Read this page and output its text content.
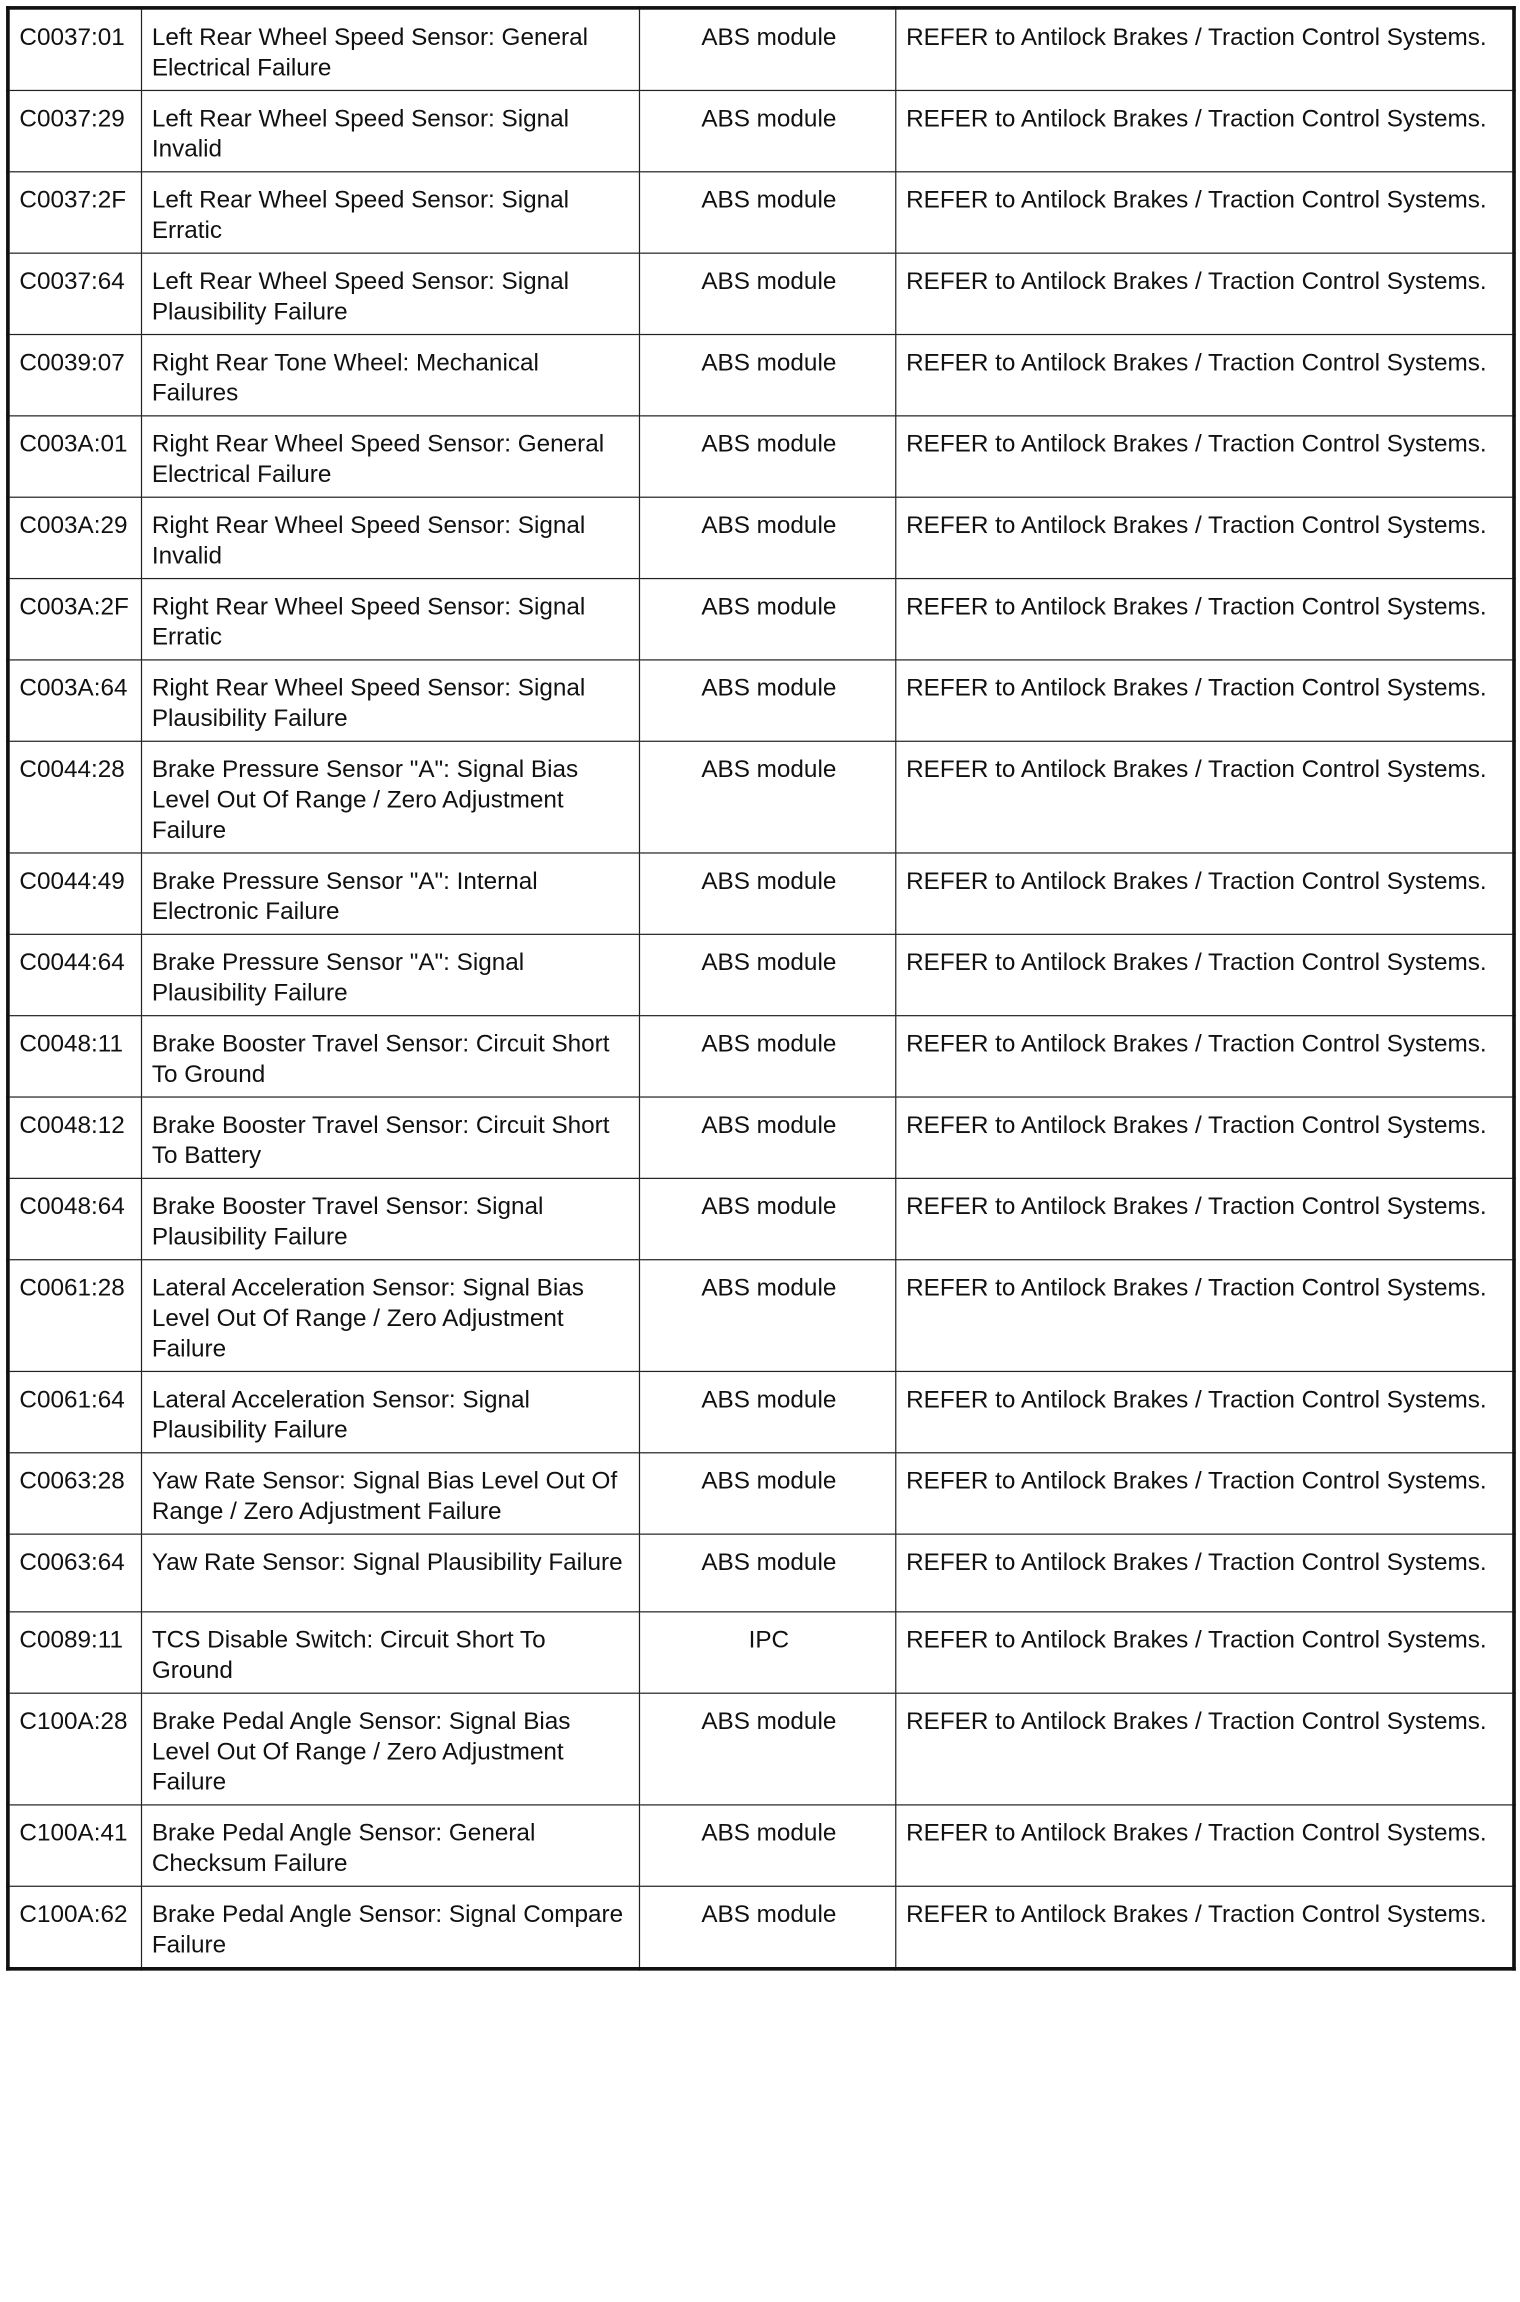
C0037:01	Left Rear Wheel Speed Sensor: General Electrical Failure	ABS module	REFER to Antilock Brakes / Traction Control Systems.
C0037:29	Left Rear Wheel Speed Sensor: Signal Invalid	ABS module	REFER to Antilock Brakes / Traction Control Systems.
C0037:2F	Left Rear Wheel Speed Sensor: Signal Erratic	ABS module	REFER to Antilock Brakes / Traction Control Systems.
C0037:64	Left Rear Wheel Speed Sensor: Signal Plausibility Failure	ABS module	REFER to Antilock Brakes / Traction Control Systems.
C0039:07	Right Rear Tone Wheel: Mechanical Failures	ABS module	REFER to Antilock Brakes / Traction Control Systems.
C003A:01	Right Rear Wheel Speed Sensor: General Electrical Failure	ABS module	REFER to Antilock Brakes / Traction Control Systems.
C003A:29	Right Rear Wheel Speed Sensor: Signal Invalid	ABS module	REFER to Antilock Brakes / Traction Control Systems.
C003A:2F	Right Rear Wheel Speed Sensor: Signal Erratic	ABS module	REFER to Antilock Brakes / Traction Control Systems.
C003A:64	Right Rear Wheel Speed Sensor: Signal Plausibility Failure	ABS module	REFER to Antilock Brakes / Traction Control Systems.
C0044:28	Brake Pressure Sensor "A": Signal Bias Level Out Of Range / Zero Adjustment Failure	ABS module	REFER to Antilock Brakes / Traction Control Systems.
C0044:49	Brake Pressure Sensor "A": Internal Electronic Failure	ABS module	REFER to Antilock Brakes / Traction Control Systems.
C0044:64	Brake Pressure Sensor "A": Signal Plausibility Failure	ABS module	REFER to Antilock Brakes / Traction Control Systems.
C0048:11	Brake Booster Travel Sensor: Circuit Short To Ground	ABS module	REFER to Antilock Brakes / Traction Control Systems.
C0048:12	Brake Booster Travel Sensor: Circuit Short To Battery	ABS module	REFER to Antilock Brakes / Traction Control Systems.
C0048:64	Brake Booster Travel Sensor: Signal Plausibility Failure	ABS module	REFER to Antilock Brakes / Traction Control Systems.
C0061:28	Lateral Acceleration Sensor: Signal Bias Level Out Of Range / Zero Adjustment Failure	ABS module	REFER to Antilock Brakes / Traction Control Systems.
C0061:64	Lateral Acceleration Sensor: Signal Plausibility Failure	ABS module	REFER to Antilock Brakes / Traction Control Systems.
C0063:28	Yaw Rate Sensor: Signal Bias Level Out Of Range / Zero Adjustment Failure	ABS module	REFER to Antilock Brakes / Traction Control Systems.
C0063:64	Yaw Rate Sensor: Signal Plausibility Failure	ABS module	REFER to Antilock Brakes / Traction Control Systems.
C0089:11	TCS Disable Switch: Circuit Short To Ground	IPC	REFER to Antilock Brakes / Traction Control Systems.
C100A:28	Brake Pedal Angle Sensor: Signal Bias Level Out Of Range / Zero Adjustment Failure	ABS module	REFER to Antilock Brakes / Traction Control Systems.
C100A:41	Brake Pedal Angle Sensor: General Checksum Failure	ABS module	REFER to Antilock Brakes / Traction Control Systems.
C100A:62	Brake Pedal Angle Sensor: Signal Compare Failure	ABS module	REFER to Antilock Brakes / Traction Control Systems.
